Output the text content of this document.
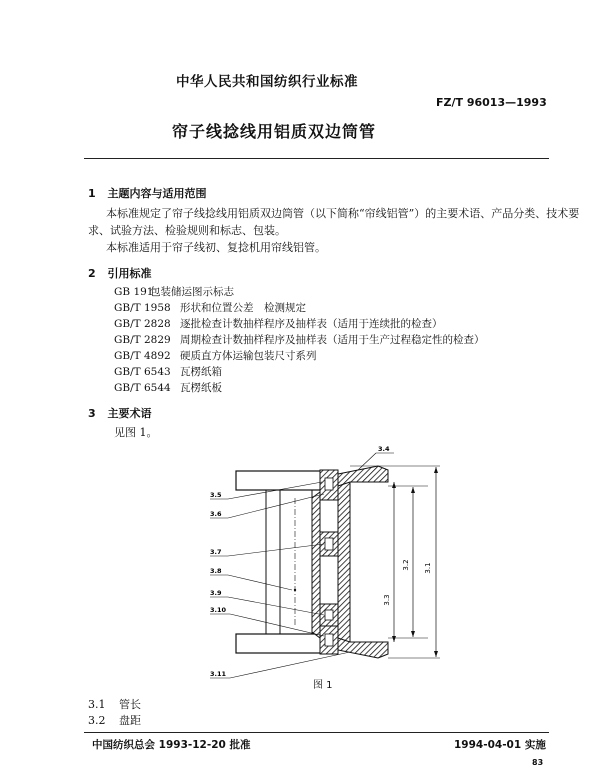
中华人民共和国纺织行业标准
FZ/T 96013—1993
帘子线捻线用铝质双边筒管
1 主题内容与适用范围
本标准规定了帘子线捻线用铝质双边筒管（以下简称“帘线铝管”）的主要术语、产品分类、技术要
求、试验方法、检验规则和标志、包装。
本标准适用于帘子线初、复捻机用帘线铝管。
2 引用标准
GB 191包装储运图示标志
GB/T 1958 形状和位置公差　检测规定
GB/T 2828 逐批检查计数抽样程序及抽样表（适用于连续批的检查）
GB/T 2829 周期检查计数抽样程序及抽样表（适用于生产过程稳定性的检查）
GB/T 4892 硬质直方体运输包装尺寸系列
GB/T 6543 瓦楞纸箱
GB/T 6544 瓦楞纸板
3 主要术语
见图 1。
3.1
3.2
3.3
3.4
3.5
3.6
3.7
3.8
3.9
3.10
3.11
图 1
3.1 管长
3.2 盘距
中国纺织总会 1993-12-20 批准	1994-04-01 实施
83
